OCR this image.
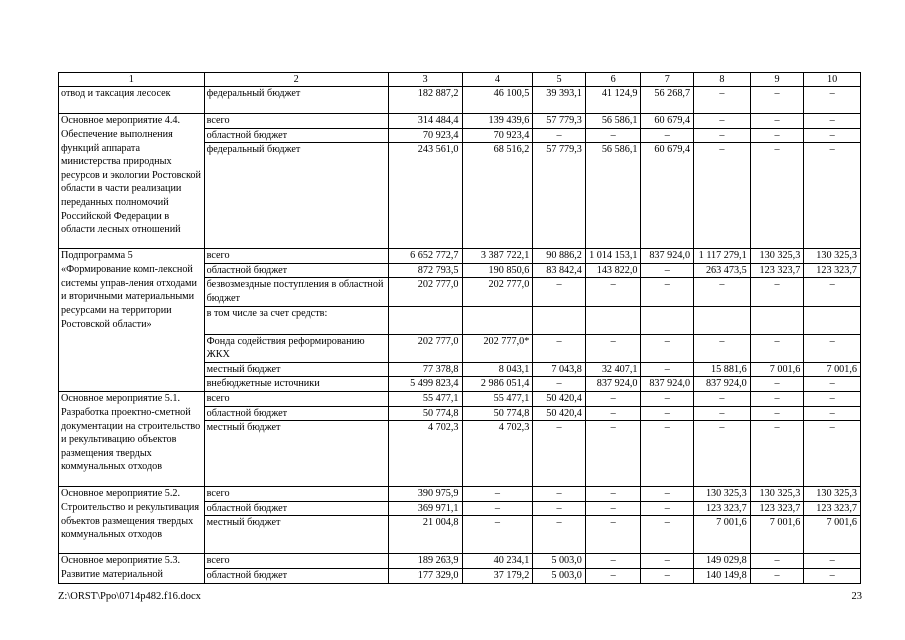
1	2	3	4	5	6	7	8	9	10
отвод и таксация лесосек	федеральный бюджет	182 887,2	46 100,5	39 393,1	41 124,9	56 268,7	–	–	–
Основное мероприятие 4.4.	всего	314 484,4	139 439,6	57 779,3	56 586,1	60 679,4	–	–	–
Обеспечение выполнения функций аппарата министерства природных ресурсов и экологии Ростовской области в части реализации переданных полномочий Российской Федерации в области лесных отношений	областной бюджет	70 923,4	70 923,4	–	–	–	–	–	–
	федеральный бюджет	243 561,0	68 516,2	57 779,3	56 586,1	60 679,4	–	–	–
Подпрограмма 5	всего	6 652 772,7	3 387 722,1	90 886,2	1 014 153,1	837 924,0	1 117 279,1	130 325,3	130 325,3
«Формирование комп-лексной системы управ-ления отходами и вторичными материальными ресурсами на территории Ростовской области»	областной бюджет	872 793,5	190 850,6	83 842,4	143 822,0	–	263 473,5	123 323,7	123 323,7
	безвозмездные поступления в областной бюджет	202 777,0	202 777,0	–	–	–	–	–	–
	в том числе за счет средств:								
	Фонда содействия реформированию ЖКХ	202 777,0	202 777,0*	–	–	–	–	–	–
	местный бюджет	77 378,8	8 043,1	7 043,8	32 407,1	–	15 881,6	7 001,6	7 001,6
	внебюджетные источники	5 499 823,4	2 986 051,4	–	837 924,0	837 924,0	837 924,0	–	–
Основное мероприятие 5.1.	всего	55 477,1	55 477,1	50 420,4	–	–	–	–	–
Разработка проектно-сметной документации на строительство и рекультивацию объектов размещения твердых коммунальных отходов	областной бюджет	50 774,8	50 774,8	50 420,4	–	–	–	–	–
	местный бюджет	4 702,3	4 702,3	–	–	–	–	–	–
Основное мероприятие 5.2.	всего	390 975,9	–	–	–	–	130 325,3	130 325,3	130 325,3
Строительство и рекультивация объектов размещения твердых коммунальных отходов	областной бюджет	369 971,1	–	–	–	–	123 323,7	123 323,7	123 323,7
	местный бюджет	21 004,8	–	–	–	–	7 001,6	7 001,6	7 001,6
Основное мероприятие 5.3.	всего	189 263,9	40 234,1	5 003,0	–	–	149 029,8	–	–
Развитие материальной	областной бюджет	177 329,0	37 179,2	5 003,0	–	–	140 149,8	–	–
Z:\ORST\Ppo\0714p482.f16.docx	23
